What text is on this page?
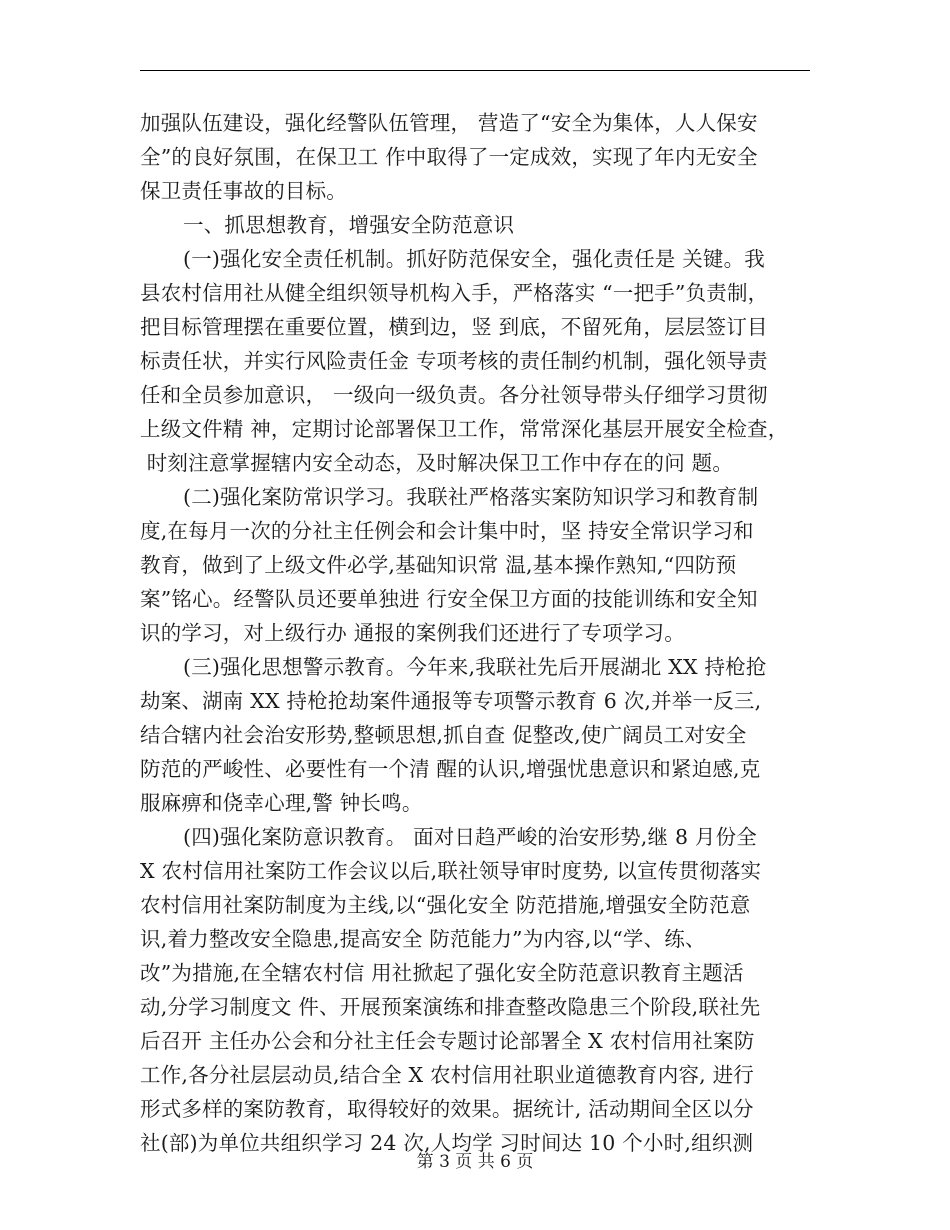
加强队伍建设，强化经警队伍管理， 营造了“安全为集体，人人保安
全”的良好氛围，在保卫工 作中取得了一定成效，实现了年内无安全
保卫责任事故的目标。
一、抓思想教育，增强安全防范意识
(一)强化安全责任机制。抓好防范保安全，强化责任是 关键。我
县农村信用社从健全组织领导机构入手，严格落实 “一把手”负责制，
把目标管理摆在重要位置，横到边，竖 到底，不留死角，层层签订目
标责任状，并实行风险责任金 专项考核的责任制约机制，强化领导责
任和全员参加意识， 一级向一级负责。各分社领导带头仔细学习贯彻
上级文件精 神，定期讨论部署保卫工作，常常深化基层开展安全检查，
时刻注意掌握辖内安全动态，及时解决保卫工作中存在的问 题。
(二)强化案防常识学习。我联社严格落实案防知识学习和教育制
度,在每月一次的分社主任例会和会计集中时，坚 持安全常识学习和
教育，做到了上级文件必学,基础知识常 温,基本操作熟知,“四防预
案”铭心。经警队员还要单独进 行安全保卫方面的技能训练和安全知
识的学习，对上级行办 通报的案例我们还进行了专项学习。
(三)强化思想警示教育。今年来,我联社先后开展湖北 XX 持枪抢
劫案、湖南 XX 持枪抢劫案件通报等专项警示教育 6 次,并举一反三,
结合辖内社会治安形势,整顿思想,抓自查 促整改,使广阔员工对安全
防范的严峻性、必要性有一个清 醒的认识,增强忧患意识和紧迫感,克
服麻痹和侥幸心理,警 钟长鸣。
(四)强化案防意识教育。 面对日趋严峻的治安形势,继 8 月份全
X 农村信用社案防工作会议以后,联社领导审时度势, 以宣传贯彻落实
农村信用社案防制度为主线,以“强化安全 防范措施,增强安全防范意
识,着力整改安全隐患,提高安全 防范能力”为内容,以“学、练、
改”为措施,在全辖农村信 用社掀起了强化安全防范意识教育主题活
动,分学习制度文 件、开展预案演练和排查整改隐患三个阶段,联社先
后召开 主任办公会和分社主任会专题讨论部署全 X 农村信用社案防
工作,各分社层层动员,结合全 X 农村信用社职业道德教育内容, 进行
形式多样的案防教育，取得较好的效果。据统计, 活动期间全区以分
社(部)为单位共组织学习 24 次,人均学 习时间达 10 个小时,组织测
第 3 页 共 6 页
